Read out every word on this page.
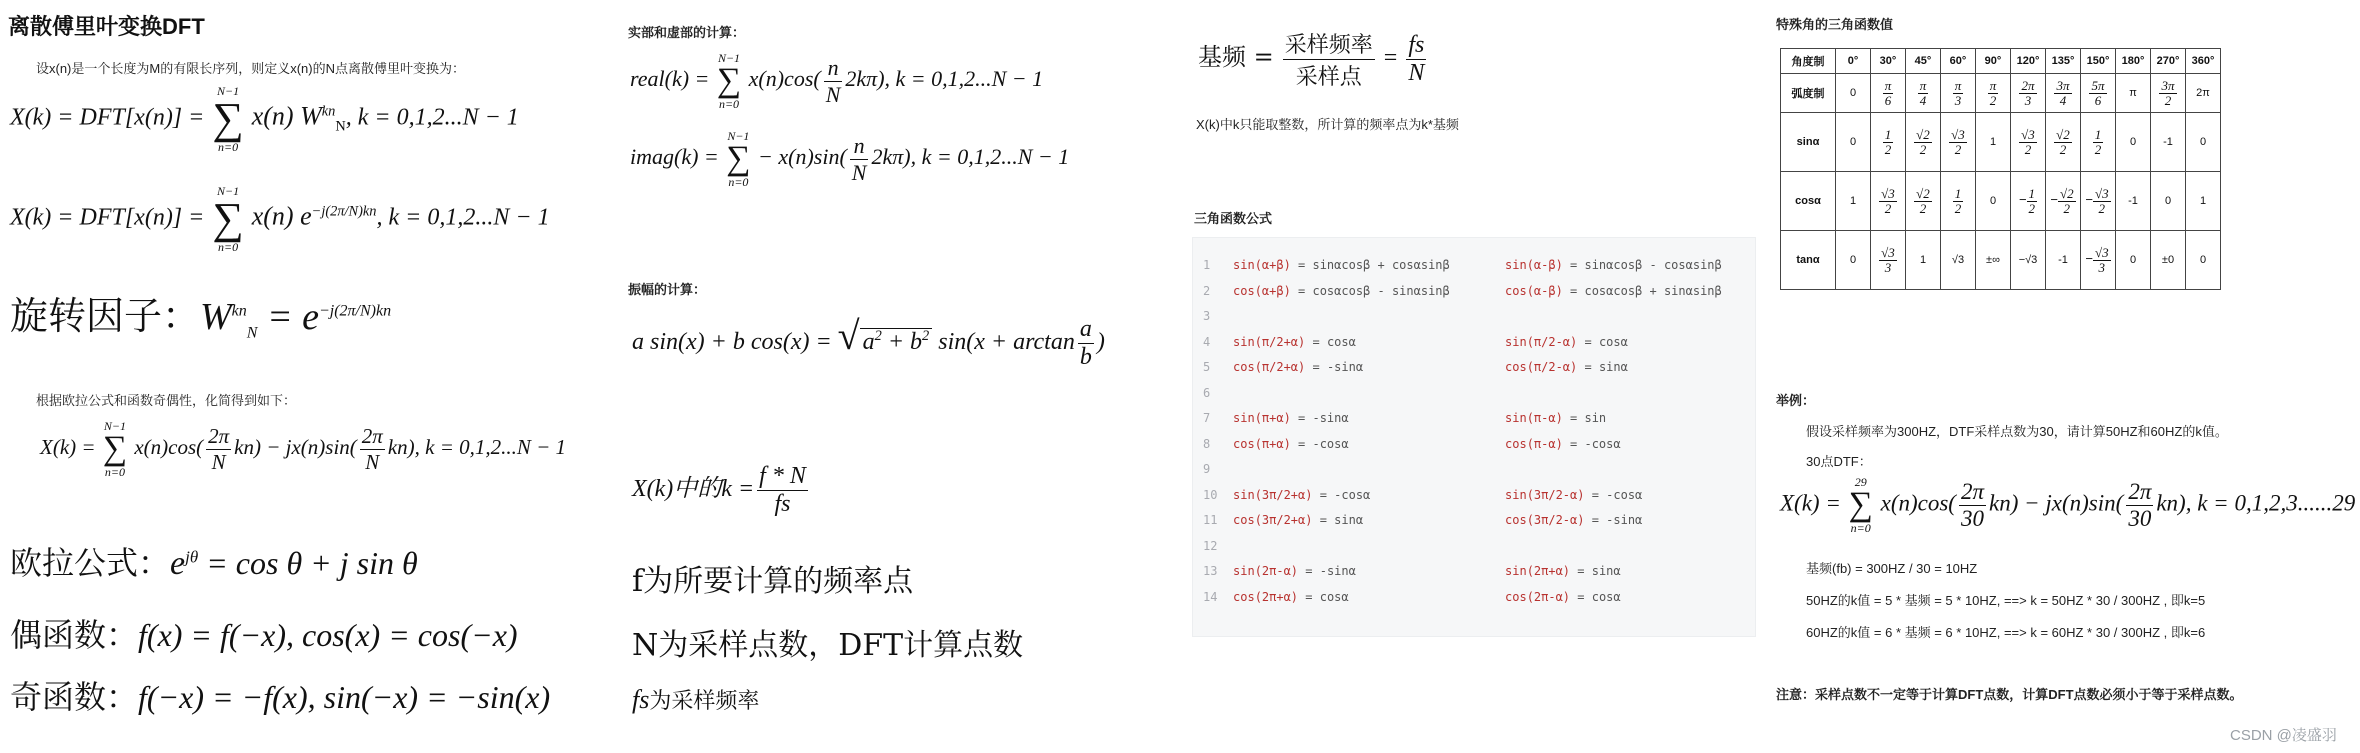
离散傅里叶变换DFT
设x(n)是一个长度为M的有限长序列，则定义x(n)的N点离散傅里叶变换为：
X(k) = DFT[x(n)] =
N−1
∑
n=0
x(n) $W^{kn}_N$, k = 0,1,2...N − 1
X(k) = DFT[x(n)] =
N−1
∑
n=0
x(n) $e^{-j(2\pi/N)kn}$, k = 0,1,2...N − 1
旋转因子：$W^{kn}_N = e^{-j(2\pi/N)kn}$
根据欧拉公式和函数奇偶性，化简得到如下：
X(k) =
N−1
∑
n=0
$x(n)\cos( \frac{2\pi}{N} kn) - jx(n)\sin( \frac{2\pi}{N} kn)$, k = 0,1,2...N − 1
欧拉公式：$e^{j\theta} = \cos \theta + j$ sin θ
偶函数：f(x) = f(−x), cos(x) = cos(−x)
奇函数：f(−x) = −f(x), sin(−x) = −sin(x)
实部和虚部的计算：
real(k) =
N−1
∑
n=0
$x(n)\cos( \frac{n}{N} 2k\pi)$, k = 0,1,2...N − 1
imag(k) =
N−1
∑
n=0
− $x(n)\sin( \frac{n}{N} 2k\pi)$, k = 0,1,2...N − 1
振幅的计算：
a sin(x) + b cos(x) = √ $a^2 + b^2$ $\sin(x + \arctan \frac{a}{b}$ )
X(k)中的$k = \frac{f * N}{fs}$
f为所要计算的频率点
N为采样点数，DFT计算点数
fs为采样频率
基频 = $\frac{\text{采样频率}}{\text{采样点}} = \frac{fs}{N}$
X(k)中k只能取整数，所计算的频率点为k*基频
三角函数公式
1 sin(α+β) = sinαcosβ + cosαsinβ	sin(α-β) = sinαcosβ - cosαsinβ
2 cos(α+β) = cosαcosβ - sinαsinβ	cos(α-β) = cosαcosβ + sinαsinβ
3
4 sin(π/2+α) = cosα	sin(π/2-α) = cosα
5 cos(π/2+α) = -sinα	cos(π/2-α) = sinα
6
7 sin(π+α) = -sinα	sin(π-α) = sin
8 cos(π+α) = -cosα	cos(π-α) = -cosα
9
10 sin(3π/2+α) = -cosα	sin(3π/2-α) = -cosα
11 cos(3π/2+α) = sinα	cos(3π/2-α) = -sinα
12
13 sin(2π-α) = -sinα	sin(2π+α) = sinα
14 cos(2π+α) = cosα	cos(2π-α) = cosα
特殊角的三角函数值
角度制	0°	30°	45°	60°	90°	120°	135°	150°	180°	270°	360°
弧度制	0	$\frac{\pi}{6}$	$\frac{\pi}{4}$	$\frac{\pi}{3}$	$\frac{\pi}{2}$	$\frac{2\pi}{3}$	$\frac{3\pi}{4}$	$\frac{5\pi}{6}$	π	$\frac{3\pi}{2}$	2π
sinα	0	$\frac{1}{2}$	$\frac{√2}{2}$	$\frac{√3}{2}$	1	$\frac{√3}{2}$	$\frac{√2}{2}$	$\frac{1}{2}$	0	-1	0
cosα	1	$\frac{√3}{2}$	$\frac{√2}{2}$	$\frac{1}{2}$	0	− $\frac{1}{2}$	− $\frac{√2}{2}$	− $\frac{√3}{2}$	-1	0	1
tanα	0	$\frac{√3}{3}$	1	√3	±∞	−√3	-1	− $\frac{√3}{3}$	0	±0	0
举例：
假设采样频率为300HZ，DTF采样点数为30，请计算50HZ和60HZ的k值。
30点DTF：
X(k) =
29
∑
n=0
$x(n)\cos( \frac{2\pi}{30} kn) - jx(n)\sin( \frac{2\pi}{30} kn)$, k = 0,1,2,3......29
基频(fb) = 300HZ / 30 = 10HZ
50HZ的k值 = 5 * 基频 = 5 * 10HZ, ==> k = 50HZ * 30 / 300HZ , 即k=5
60HZ的k值 = 6 * 基频 = 6 * 10HZ, ==> k = 60HZ * 30 / 300HZ , 即k=6
注意：采样点数不一定等于计算DFT点数，计算DFT点数必须小于等于采样点数。
CSDN @凌盛羽
